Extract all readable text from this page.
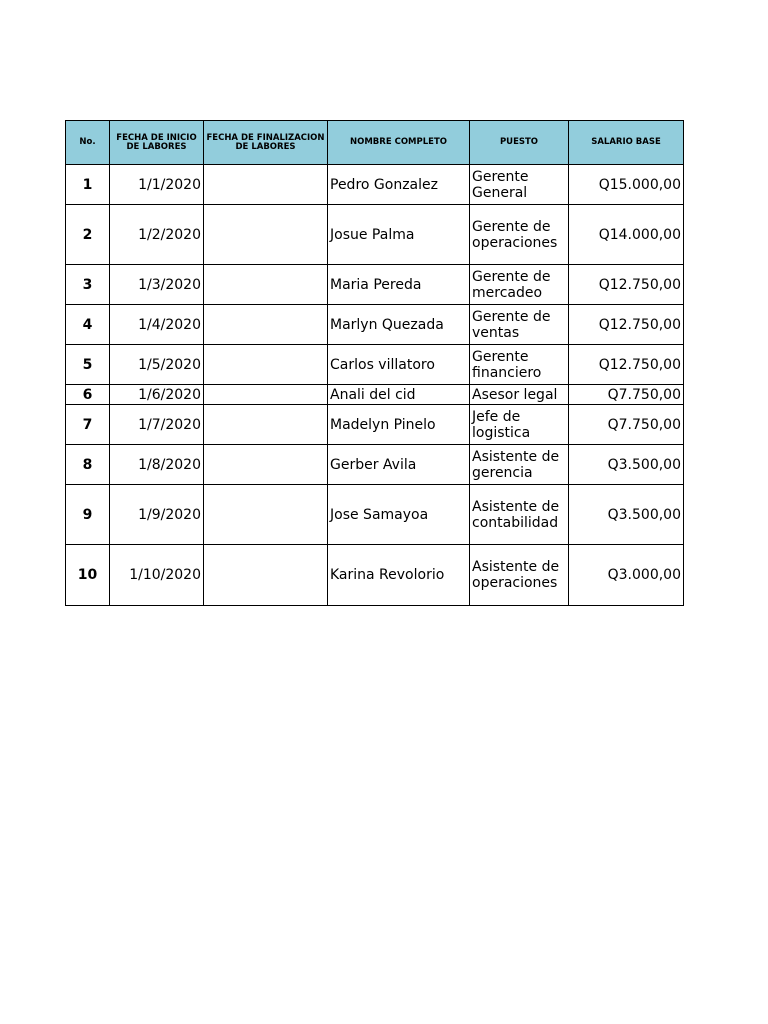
No.	FECHA DE INICIO DE LABORES	FECHA DE FINALIZACION DE LABORES	NOMBRE COMPLETO	PUESTO	SALARIO BASE
1	1/1/2020		Pedro Gonzalez	Gerente General	Q15.000,00
2	1/2/2020		Josue Palma	Gerente de operaciones	Q14.000,00
3	1/3/2020		Maria Pereda	Gerente de mercadeo	Q12.750,00
4	1/4/2020		Marlyn Quezada	Gerente de ventas	Q12.750,00
5	1/5/2020		Carlos villatoro	Gerente financiero	Q12.750,00
6	1/6/2020		Anali del cid	Asesor legal	Q7.750,00
7	1/7/2020		Madelyn Pinelo	Jefe de logistica	Q7.750,00
8	1/8/2020		Gerber Avila	Asistente de gerencia	Q3.500,00
9	1/9/2020		Jose Samayoa	Asistente de contabilidad	Q3.500,00
10	1/10/2020		Karina Revolorio	Asistente de operaciones	Q3.000,00
